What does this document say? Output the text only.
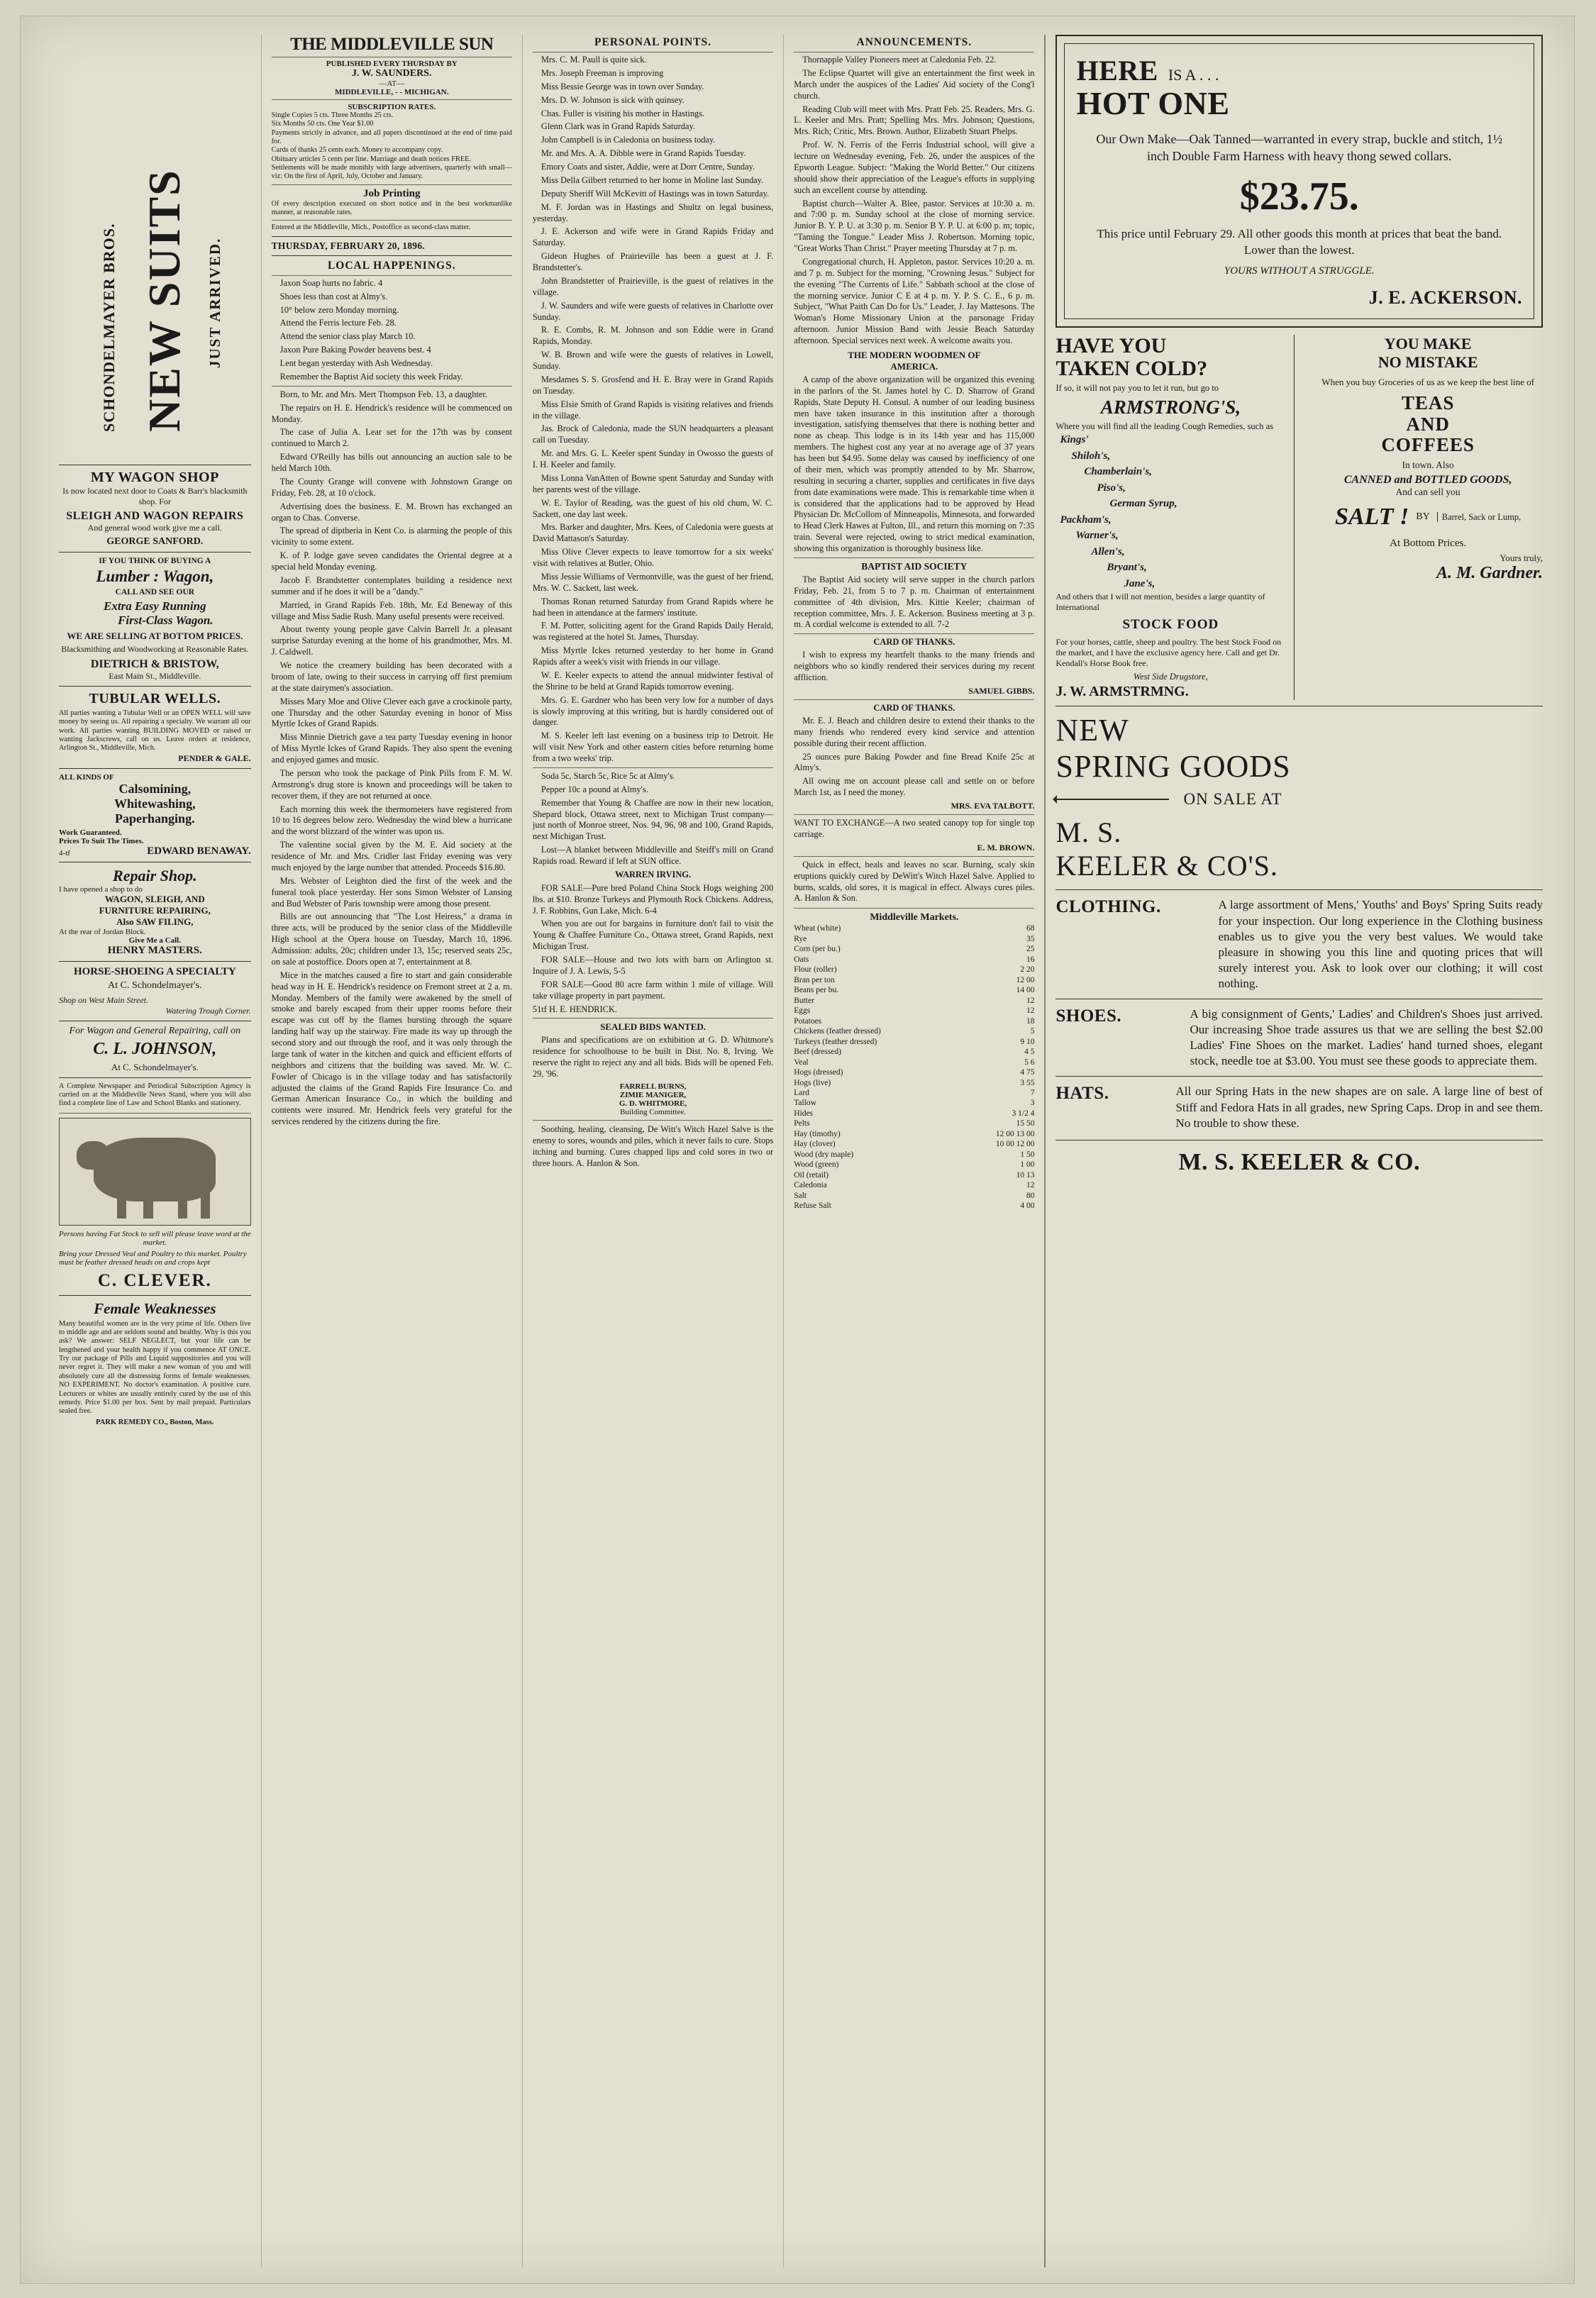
JUST ARRIVED.
NEW SUITS
SCHONDELMAYER BROS.
MY WAGON SHOP
Is now located next door to Coats & Barr's blacksmith shop. For
SLEIGH AND WAGON REPAIRS
And general wood work give me a call.
GEORGE SANFORD.
IF YOU THINK OF BUYING A
Lumber : Wagon,
CALL AND SEE OUR
Extra Easy Running
First-Class Wagon.
WE ARE SELLING AT BOTTOM PRICES.
Blacksmithing and Woodworking at Reasonable Rates.
DIETRICH & BRISTOW,
East Main St., Middleville.
TUBULAR WELLS.
All parties wanting a Tubular Well or an OPEN WELL will save money by seeing us. All repairing a specialty. We warrant all our work. All parties wanting BUILDING MOVED or raised or wanting Jackscrews, call on us. Leave orders at residence, Arlington St., Middleville, Mich.
PENDER & GALE.
ALL KINDS OF
Calsomining,
Whitewashing,
Paperhanging.
Work Guaranteed.
Prices To Suit The Times.
4-tf	EDWARD BENAWAY.
Repair Shop.
I have opened a shop to do
WAGON, SLEIGH, AND
FURNITURE REPAIRING,
Also SAW FILING,
At the rear of Jordan Block.
Give Me a Call.
HENRY MASTERS.
HORSE-SHOEING A SPECIALTY
At C. Schondelmayer's.
Shop on West Main Street.
Watering Trough Corner.
For Wagon and General Repairing, call on
C. L. JOHNSON,
At C. Schondelmayer's.
A Complete Newspaper and Periodical Subscription Agency is carried on at the Middleville News Stand, where you will also find a complete line of Law and School Blanks and stationery.
Persons having Fat Stock to sell will please leave word at the market.
Bring your Dressed Veal and Poultry to this market. Poultry must be feather dressed heads on and crops kept
C. CLEVER.
Female Weaknesses
Many beautiful women are in the very prime of life. Others live to middle age and are seldom sound and healthy. Why is this you ask? We answer: SELF NEGLECT, but your life can be lengthened and your health happy if you commence AT ONCE. Try our package of Pills and Liquid suppositories and you will never regret it. They will make a new woman of you and will absolutely cure all the distressing forms of female weaknesses. NO EXPERIMENT. No doctor's examination. A positive cure. Lecturers or whites are usually entirely cured by the use of this remedy. Price $1.00 per box. Sent by mail prepaid. Particulars sealed free.
PARK REMEDY CO., Boston, Mass.
THE MIDDLEVILLE SUN
PUBLISHED EVERY THURSDAY BY
J. W. SAUNDERS.
—AT—
MIDDLEVILLE, - - MICHIGAN.
SUBSCRIPTION RATES.
Single Copies 5 cts. Three Months 25 cts.
Six Months 50 cts. One Year $1.00
Payments strictly in advance, and all papers discontinued at the end of time paid for.
Cards of thanks 25 cents each. Money to accompany copy.
Obituary articles 5 cents per line. Marriage and death notices FREE.
Settlements will be made monthly with large advertisers, quarterly with small—viz: On the first of April, July, October and January.
Job Printing
Of every description executed on short notice and in the best workmanlike manner, at reasonable rates.
Entered at the Middleville, Mich., Postoffice as second-class matter.
THURSDAY, FEBRUARY 20, 1896.
LOCAL HAPPENINGS.

Jaxon Soap hurts no fabric. 4

Shoes less than cost at Almy's.

10° below zero Monday morning.

Attend the Ferris lecture Feb. 28.

Attend the senior class play March 10.

Jaxon Pure Baking Powder heavens best. 4

Lent began yesterday with Ash Wednesday.

Remember the Baptist Aid society this week Friday.

Born, to Mr. and Mrs. Mert Thompson Feb. 13, a daughter.

The repairs on H. E. Hendrick's residence will be commenced on Monday.

The case of Julia A. Lear set for the 17th was by consent continued to March 2.

Edward O'Reilly has bills out announcing an auction sale to be held March 10th.

The County Grange will convene with Johnstown Grange on Friday, Feb. 28, at 10 o'clock.

Advertising does the business. E. M. Brown has exchanged an organ to Chas. Converse.

The spread of diptheria in Kent Co. is alarming the people of this vicinity to some extent.

K. of P. lodge gave seven candidates the Oriental degree at a special held Monday evening.

Jacob F. Brandstetter contemplates building a residence next summer and if he does it will be a "dandy."

Married, in Grand Rapids Feb. 18th, Mr. Ed Beneway of this village and Miss Sadie Rush. Many useful presents were received.

About twenty young people gave Calvin Barrell Jr. a pleasant surprise Saturday evening at the home of his grandmother, Mrs. M. J. Caldwell.

We notice the creamery building has been decorated with a broom of late, owing to their success in carrying off first premium at the state dairymen's association.

Misses Mary Moe and Olive Clever each gave a crockinole party, one Thursday and the other Saturday evening in honor of Miss Myrtle Ickes of Grand Rapids.

Miss Minnie Dietrich gave a tea party Tuesday evening in honor of Miss Myrtle Ickes of Grand Rapids. They also spent the evening and enjoyed games and music.

The person who took the package of Pink Pills from F. M. W. Armstrong's drug store is known and proceedings will be taken to recover them, if they are not returned at once.

Each morning this week the thermometers have registered from 10 to 16 degrees below zero. Wednesday the wind blew a hurricane and the worst blizzard of the winter was upon us.

The valentine social given by the M. E. Aid society at the residence of Mr. and Mrs. Cridler last Friday evening was very much enjoyed by the large number that attended. Proceeds $16.80.

Mrs. Webster of Leighton died the first of the week and the funeral took place yesterday. Her sons Simon Webster of Lansing and Bud Webster of Paris township were among those present.

Bills are out announcing that "The Lost Heiress," a drama in three acts, will be produced by the senior class of the Middleville High school at the Opera house on Tuesday, March 10, 1896. Admission: adults, 20c; children under 13, 15c; reserved seats 25c, on sale at postoffice. Doors open at 7, entertainment at 8.

Mice in the matches caused a fire to start and gain considerable head way in H. E. Hendrick's residence on Fremont street at 2 a. m. Monday. Members of the family were awakened by the smell of smoke and barely escaped from their upper rooms before their escape was cut off by the flames bursting through the square landing half way up the stairway. Fire made its way up through the second story and out through the roof, and it was only through the large tank of water in the kitchen and quick and efficient efforts of neighbors and citizens that the building was saved. Mr. W. C. Fowler of Chicago is in the village today and has satisfactorily adjusted the claims of the Grand Rapids Fire Insurance Co. and German American Insurance Co., in which the building and contents were insured. Mr. Hendrick feels very grateful for the services rendered by the citizens during the fire.

PERSONAL POINTS.

Mrs. C. M. Paull is quite sick.

Mrs. Joseph Freeman is improving

Miss Bessie George was in town over Sunday.

Mrs. D. W. Johnson is sick with quinsey.

Chas. Fuller is visiting his mother in Hastings.

Glenn Clark was in Grand Rapids Saturday.

John Campbell is in Caledonia on business today.

Mr. and Mrs. A. A. Dibble were in Grand Rapids Tuesday.

Emory Coats and sister, Addie, were at Dorr Centre, Sunday.

Miss Della Gilbert returned to her home in Moline last Sunday.

Deputy Sheriff Will McKevitt of Hastings was in town Saturday.

M. F. Jordan was in Hastings and Shultz on legal business, yesterday.

J. E. Ackerson and wife were in Grand Rapids Friday and Saturday.

Gideon Hughes of Prairieville has been a guest at J. F. Brandstetter's.

John Brandstetter of Prairieville, is the guest of relatives in the village.

J. W. Saunders and wife were guests of relatives in Charlotte over Sunday.

R. E. Combs, R. M. Johnson and son Eddie were in Grand Rapids, Monday.

W. B. Brown and wife were the guests of relatives in Lowell, Sunday.

Mesdames S. S. Grosfend and H. E. Bray were in Grand Rapids on Tuesday.

Miss Elsie Smith of Grand Rapids is visiting relatives and friends in the village.

Jas. Brock of Caledonia, made the SUN headquarters a pleasant call on Tuesday.

Mr. and Mrs. G. L. Keeler spent Sunday in Owosso the guests of I. H. Keeler and family.

Miss Lonna VanAtten of Bowne spent Saturday and Sunday with her parents west of the village.

W. E. Taylor of Reading, was the guest of his old chum, W. C. Sackett, one day last week.

Mrs. Barker and daughter, Mrs. Kees, of Caledonia were guests at David Mattason's Saturday.

Miss Olive Clever expects to leave tomorrow for a six weeks' visit with relatives at Butler, Ohio.

Miss Jessie Williams of Vermontville, was the guest of her friend, Mrs. W. C. Sackett, last week.

Thomas Ronan returned Saturday from Grand Rapids where he had been in attendance at the farmers' institute.

F. M. Potter, soliciting agent for the Grand Rapids Daily Herald, was registered at the hotel St. James, Thursday.

Miss Myrtle Ickes returned yesterday to her home in Grand Rapids after a week's visit with friends in our village.

W. E. Keeler expects to attend the annual midwinter festival of the Shrine to be held at Grand Rapids tomorrow evening.

Mrs. G. E. Gardner who has been very low for a number of days is slowly improving at this writing, but is hardly considered out of danger.

M. S. Keeler left last evening on a business trip to Detroit. He will visit New York and other eastern cities before returning home from a two weeks' trip.

Soda 5c, Starch 5c, Rice 5c at Almy's.

Pepper 10c a pound at Almy's.

Remember that Young & Chaffee are now in their new location, Shepard block, Ottawa street, next to Michigan Trust company—just north of Monroe street, Nos. 94, 96, 98 and 100, Grand Rapids, next Michigan Trust.

Lost—A blanket between Middleville and Steiff's mill on Grand Rapids road. Reward if left at SUN office.

WARREN IRVING.

FOR SALE—Pure bred Poland China Stock Hogs weighing 200 lbs. at $10. Bronze Turkeys and Plymouth Rock Chickens. Address, J. F. Robbins, Gun Lake, Mich. 6-4

When you are out for bargains in furniture don't fail to visit the Young & Chaffee Furniture Co., Ottawa street, Grand Rapids, next Michigan Trust.

FOR SALE—House and two lots with barn on Arlington st. Inquire of J. A. Lewis, 5-5

FOR SALE—Good 80 acre farm within 1 mile of village. Will take village property in part payment.

51tf H. E. HENDRICK.

SEALED BIDS WANTED.

Plans and specifications are on exhibition at G. D. Whitmore's residence for schoolhouse to be built in Dist. No. 8, Irving. We reserve the right to reject any and all bids. Bids will be opened Feb. 29, '96.

FARRELL BURNS,
ZIMIE MANIGER,
G. D. WHITMORE,
Building Committee.

Soothing, healing, cleansing, De Witt's Witch Hazel Salve is the enemy to sores, wounds and piles, which it never fails to cure. Stops itching and burning. Cures chapped lips and cold sores in two or three hours. A. Hanlon & Son.

ANNOUNCEMENTS.

Thornapple Valley Pioneers meet at Caledonia Feb. 22.

The Eclipse Quartet will give an entertainment the first week in March under the auspices of the Ladies' Aid society of the Cong'l church.

Reading Club will meet with Mrs. Pratt Feb. 25. Readers, Mrs. G. L. Keeler and Mrs. Pratt; Spelling Mrs. Mrs. Johnson; Questions, Mrs. Rich; Critic, Mrs. Brown. Author, Elizabeth Stuart Phelps.

Prof. W. N. Ferris of the Ferris Industrial school, will give a lecture on Wednesday evening, Feb. 26, under the auspices of the Epworth League. Subject: "Making the World Better." Our citizens should show their appreciation of the League's efforts in supplying such an excellent course by attending.

Baptist church—Walter A. Blee, pastor. Services at 10:30 a. m. and 7:00 p. m. Sunday school at the close of morning service. Junior B. Y. P. U. at 3:30 p. m. Senior B Y. P. U. at 6:00 p. m; topic, "Taming the Tongue." Leader Miss J. Robertson. Morning topic, "Great Works Than Christ." Prayer meeting Thursday at 7 p. m.

Congregational church, H. Appleton, pastor. Services 10:20 a. m. and 7 p. m. Subject for the morning, "Crowning Jesus." Subject for the evening "The Currents of Life." Sabbath school at the close of the morning service. Junior C E at 4 p. m. Y. P. S. C. E., 6 p. m. Subject, "What Paith Can Do for Us." Leader, J. Jay Mattesons. The Woman's Home Missionary Union at the parsonage Friday afternoon. Junior Mission Band with Jessie Beach Saturday afternoon. Special services next week. A welcome awaits you.

THE MODERN WOODMEN OF
AMERICA.

A camp of the above organization will be organized this evening in the parlors of the St. James hotel by C. D. Sharrow of Grand Rapids, State Deputy H. Consul. A number of our leading business men have taken insurance in this institution after a thorough investigation, satisfying themselves that there is nothing better and none as cheap. This lodge is in its 14th year and has 115,000 members. The highest cost any year at no average age of 37 years has been but $4.95. Some delay was caused by inefficiency of one of their men, which was promptly attended to by Mr. Sharrow, resulting in securing a charter, supplies and certificates in five days from date examinations were made. This is remarkable time when it is considered that the applications had to be approved by Head Physician Dr. McCollom of Minneapolis, Minnesota, and forwarded to Head Clerk Hawes at Fulton, Ill., and return this morning on 7:35 train. Several were rejected, owing to strict medical examination, showing this organization is thoroughly business like.

BAPTIST AID SOCIETY

The Baptist Aid society will serve supper in the church parlors Friday, Feb. 21, from 5 to 7 p. m. Chairman of entertainment committee of 4th division, Mrs. Kittie Keeler; chairman of reception committee, Mrs. J. E. Ackerson. Business meeting at 3 p. m. A cordial welcome is extended to all. 7-2

CARD OF THANKS.

I wish to express my heartfelt thanks to the many friends and neighbors who so kindly rendered their services during my recent affliction.

SAMUEL GIBBS.
CARD OF THANKS.

Mr. E. J. Beach and children desire to extend their thanks to the many friends who rendered every kind service and attention possible during their recent affliction.

25 ounces pure Baking Powder and fine Bread Knife 25c at Almy's.

All owing me on account please call and settle on or before March 1st, as I need the money.

MRS. EVA TALBOTT.

WANT TO EXCHANGE—A two seated canopy top for single top carriage.

E. M. BROWN.

Quick in effect, heals and leaves no scar. Burning, scaly skin eruptions quickly cured by DeWitt's Witch Hazel Salve. Applied to burns, scalds, old sores, it is magical in effect. Always cures piles. A. Hanlon & Son.

Middleville Markets.
Wheat (white)	68
Rye	35
Corn (per bu.)	25
Oats	16
Flour (roller)	2 20
Bran per ton	12 00
Beans per bu.	14 00
Butter	12
Eggs	12
Potatoes	18
Chickens (feather dressed)	5
Turkeys (feather dressed)	9 10
Beef (dressed)	4 5
Veal	5 6
Hogs (dressed)	4 75
Hogs (live)	3 55
Lard	7
Tallow	3
Hides	3 1/2 4
Pelts	15 50
Hay (timothy)	12 00 13 00
Hay (clover)	10 00 12 00
Wood (dry maple)	1 50
Wood (green)	1 00
Oil (retail)	10 13
Caledonia	12
Salt	80
Refuse Salt	4 00
HERE IS A . . .
HOT ONE
Our Own Make—Oak Tanned—warranted in every strap, buckle and stitch, 1½ inch Double Farm Harness with heavy thong sewed collars.
$23.75.
This price until February 29. All other goods this month at prices that beat the band. Lower than the lowest.
YOURS WITHOUT A STRUGGLE.
J. E. ACKERSON.
HAVE YOU
TAKEN COLD?
If so, it will not pay you to let it run, but go to
ARMSTRONG'S,
Where you will find all the leading Cough Remedies, such as
Kings'
Shiloh's,
Chamberlain's,
Piso's,
German Syrup,
Packham's,
Warner's,
Allen's,
Bryant's,
Jane's,
And others that I will not mention, besides a large quantity of International
STOCK FOOD
For your horses, cattle, sheep and poultry. The best Stock Food on the market, and I have the exclusive agency here. Call and get Dr. Kendall's Horse Book free.
West Side Drugstore,
J. W. ARMSTRMNG.
YOU MAKE
NO MISTAKE
When you buy Groceries of us as we keep the best line of
TEAS
AND
COFFEES
In town. Also
CANNED and BOTTLED GOODS,
And can sell you
SALT ! BY	Barrel, Sack or Lump,
At Bottom Prices.
Yours truly,
A. M. Gardner.
NEW
SPRING GOODS
ON SALE AT
M. S.
KEELER & CO'S.
CLOTHING.	A large assortment of Mens,' Youths' and Boys' Spring Suits ready for your inspection. Our long experience in the Clothing business enables us to give you the very best values. We would take pleasure in showing you this line and quoting prices that will surely interest you. Ask to look over our clothing; it will cost nothing.
SHOES.	A big consignment of Gents,' Ladies' and Children's Shoes just arrived. Our increasing Shoe trade assures us that we are selling the best $2.00 Ladies' Fine Shoes on the market. Ladies' hand turned shoes, elegant stock, needle toe at $3.00. You must see these goods to appreciate them.
HATS.	All our Spring Hats in the new shapes are on sale. A large line of best of Stiff and Fedora Hats in all grades, new Spring Caps. Drop in and see them. No trouble to show these.
M. S. KEELER & CO.
